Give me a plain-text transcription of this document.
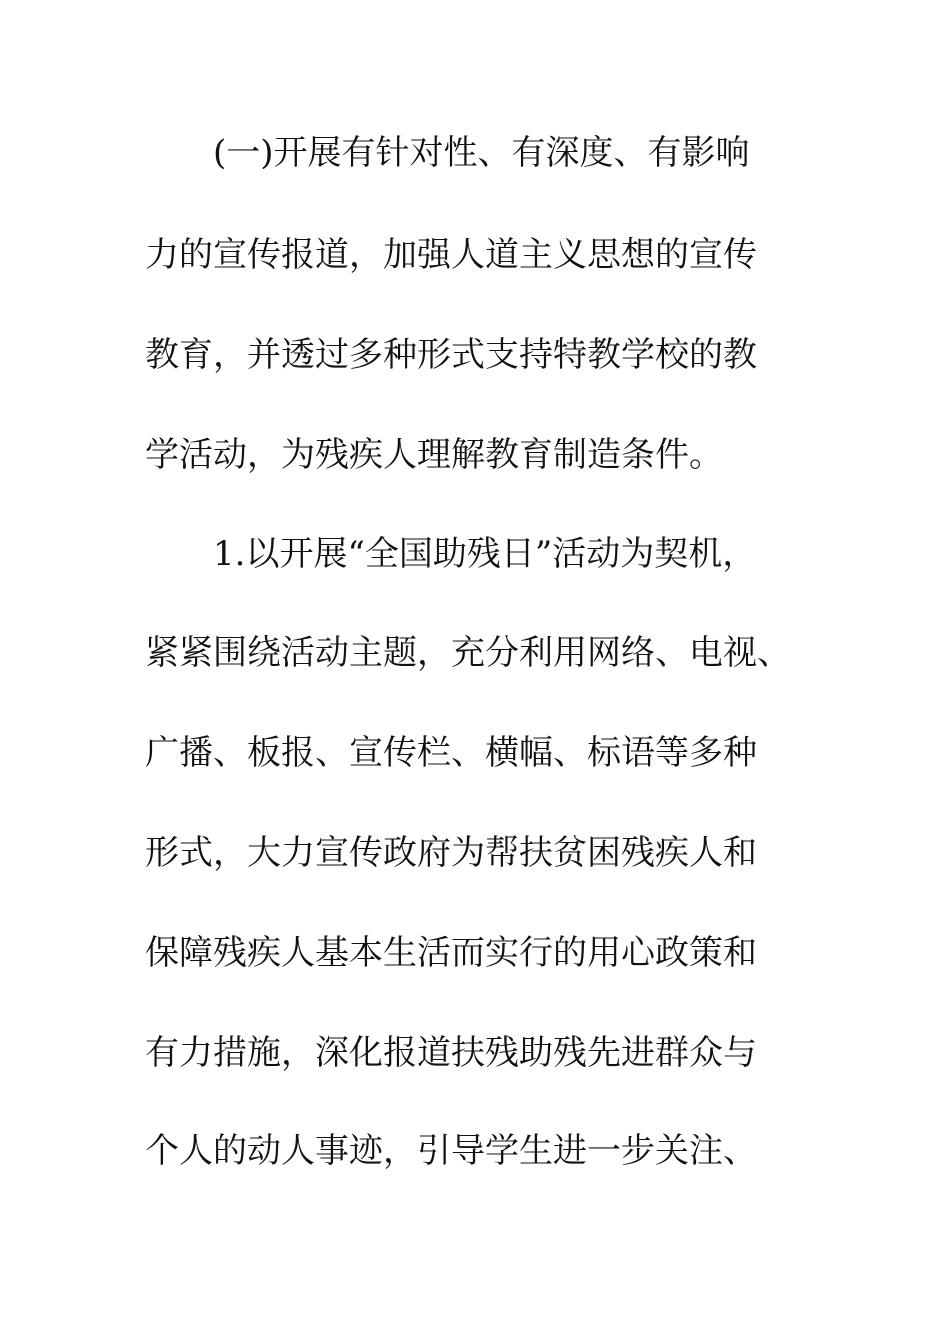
(一)开展有针对性、有深度、有影响
力的宣传报道，加强人道主义思想的宣传
教育，并透过多种形式支持特教学校的教
学活动，为残疾人理解教育制造条件。
1.以开展“全国助残日”活动为契机，
紧紧围绕活动主题，充分利用网络、电视、
广播、板报、宣传栏、横幅、标语等多种
形式，大力宣传政府为帮扶贫困残疾人和
保障残疾人基本生活而实行的用心政策和
有力措施，深化报道扶残助残先进群众与
个人的动人事迹，引导学生进一步关注、
